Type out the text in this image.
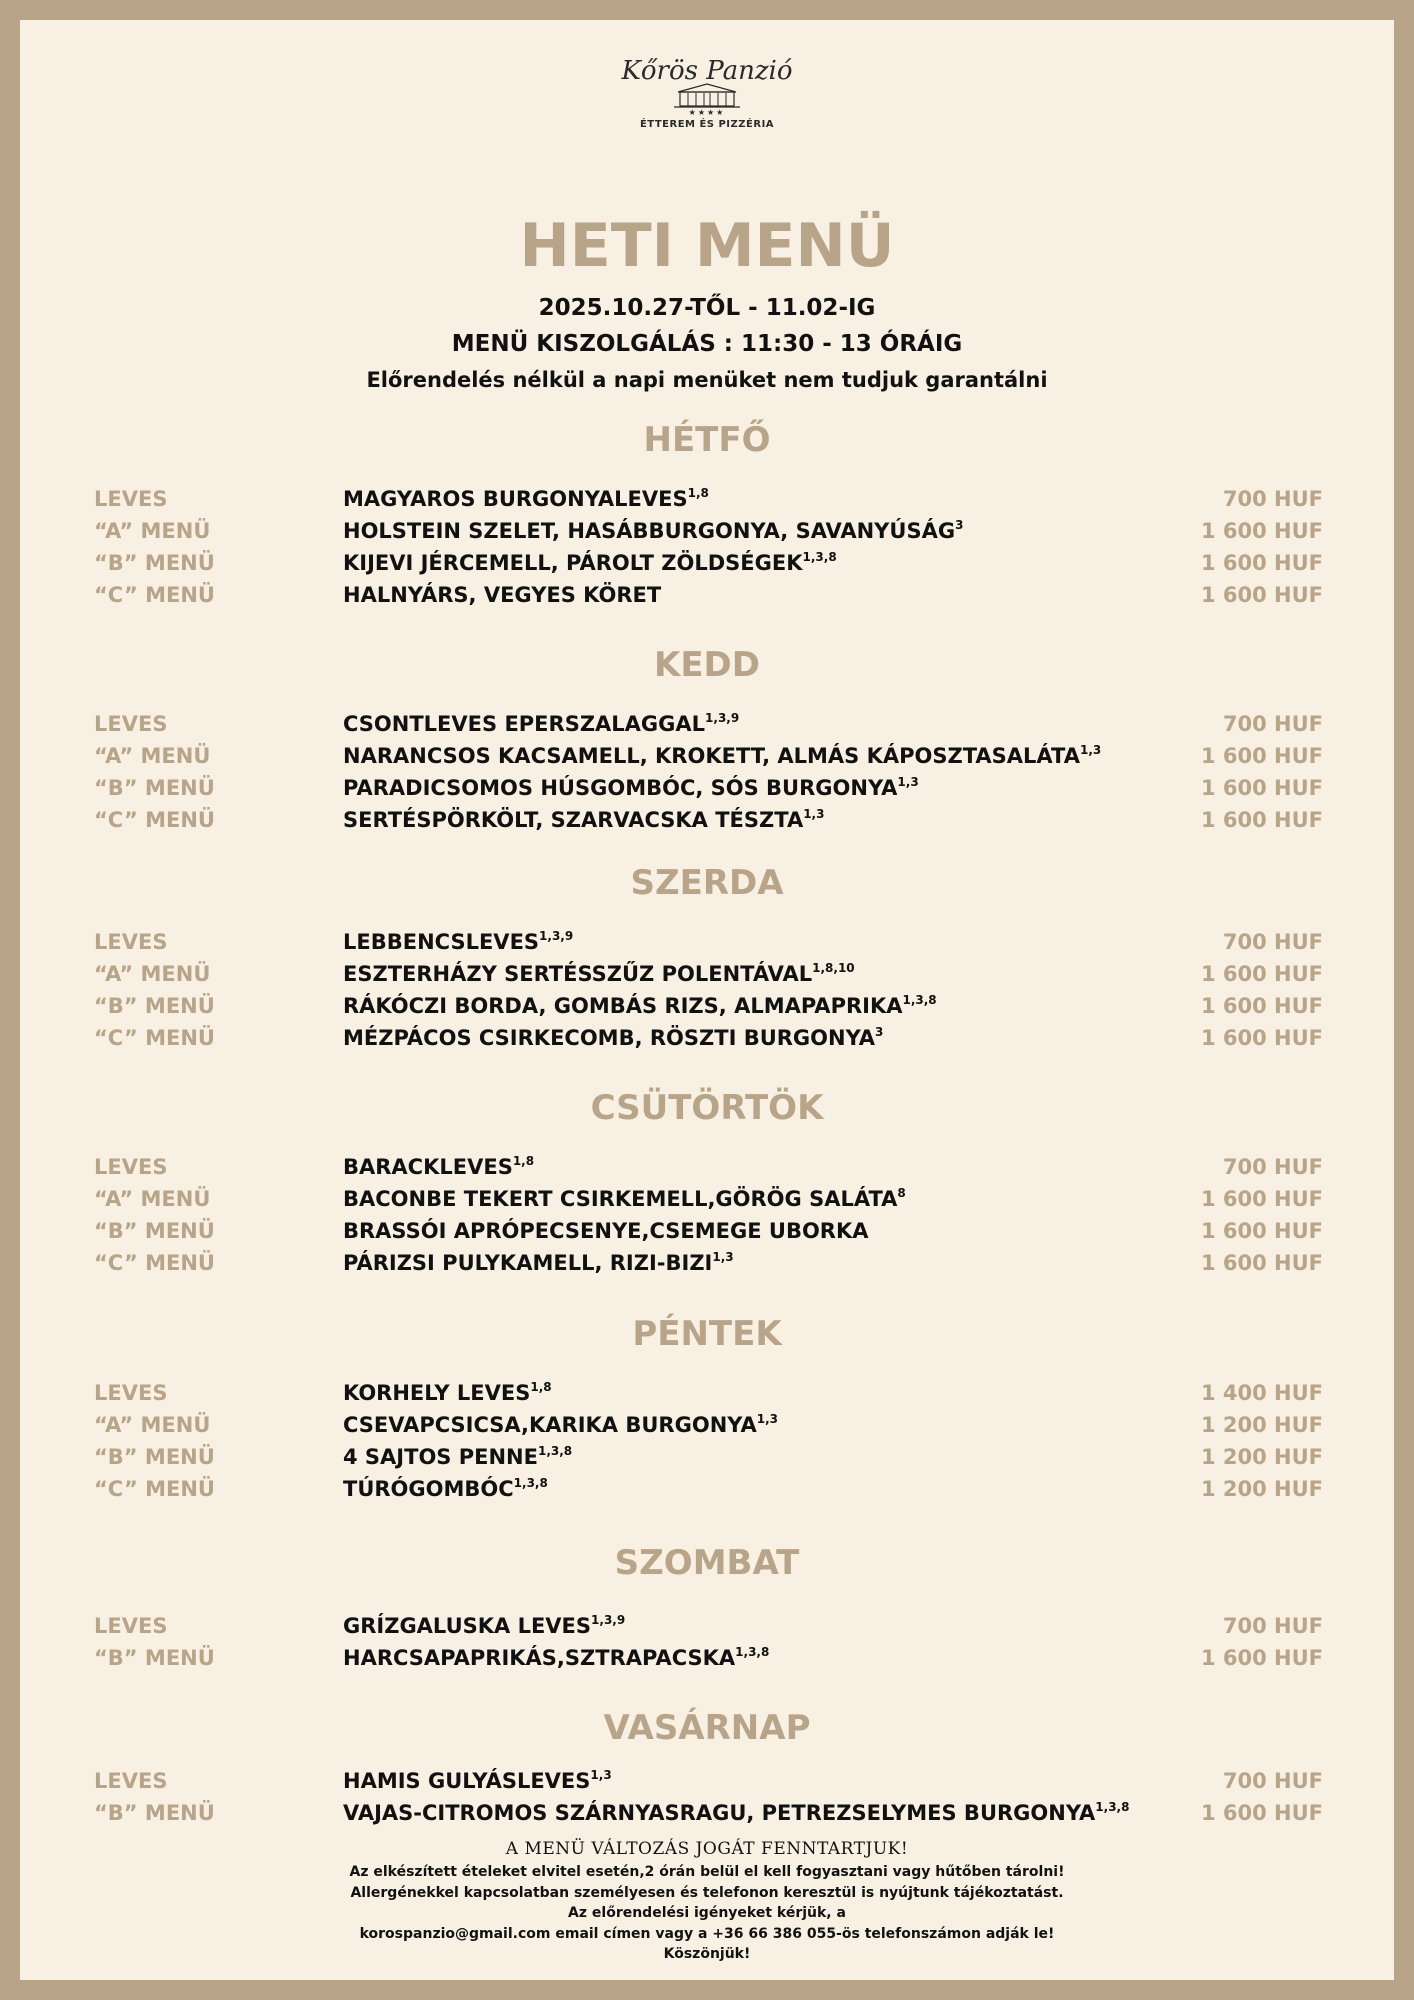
Kőrös Panzió
★★★★
ÉTTEREM ÉS PIZZÉRIA
HETI MENÜ
2025.10.27-TŐL - 11.02-IG
MENÜ KISZOLGÁLÁS : 11:30 - 13 ÓRÁIG
Előrendelés nélkül a napi menüket nem tudjuk garantálni
HÉTFŐ
LEVES	MAGYAROS BURGONYALEVES$^{1,8}$	700 HUF
“A” MENÜ	HOLSTEIN SZELET, HASÁBBURGONYA, SAVANYÚSÁG$^3$	1 600 HUF
“B” MENÜ	KIJEVI JÉRCEMELL, PÁROLT ZÖLDSÉGEK$^{1,3,8}$	1 600 HUF
“C” MENÜ	HALNYÁRS, VEGYES KÖRET	1 600 HUF
KEDD
LEVES	CSONTLEVES EPERSZALAGGAL$^{1,3,9}$	700 HUF
“A” MENÜ	NARANCSOS KACSAMELL, KROKETT, ALMÁS KÁPOSZTASALÁTA$^{1,3}$	1 600 HUF
“B” MENÜ	PARADICSOMOS HÚSGOMBÓC, SÓS BURGONYA$^{1,3}$	1 600 HUF
“C” MENÜ	SERTÉSPÖRKÖLT, SZARVACSKA TÉSZTA$^{1,3}$	1 600 HUF
SZERDA
LEVES	LEBBENCSLEVES$^{1,3,9}$	700 HUF
“A” MENÜ	ESZTERHÁZY SERTÉSSZŰZ POLENTÁVAL$^{1,8,10}$	1 600 HUF
“B” MENÜ	RÁKÓCZI BORDA, GOMBÁS RIZS, ALMAPAPRIKA$^{1,3,8}$	1 600 HUF
“C” MENÜ	MÉZPÁCOS CSIRKECOMB, RÖSZTI BURGONYA$^3$	1 600 HUF
CSÜTÖRTÖK
LEVES	BARACKLEVES$^{1,8}$	700 HUF
“A” MENÜ	BACONBE TEKERT CSIRKEMELL,GÖRÖG SALÁTA$^8$	1 600 HUF
“B” MENÜ	BRASSÓI APRÓPECSENYE,CSEMEGE UBORKA	1 600 HUF
“C” MENÜ	PÁRIZSI PULYKAMELL, RIZI-BIZI$^{1,3}$	1 600 HUF
PÉNTEK
LEVES	KORHELY LEVES$^{1,8}$	1 400 HUF
“A” MENÜ	CSEVAPCSICSA,KARIKA BURGONYA$^{1,3}$	1 200 HUF
“B” MENÜ	4 SAJTOS PENNE$^{1,3,8}$	1 200 HUF
“C” MENÜ	TÚRÓGOMBÓC$^{1,3,8}$	1 200 HUF
SZOMBAT
LEVES	GRÍZGALUSKA LEVES$^{1,3,9}$	700 HUF
“B” MENÜ	HARCSAPAPRIKÁS,SZTRAPACSKA$^{1,3,8}$	1 600 HUF
VASÁRNAP
LEVES	HAMIS GULYÁSLEVES$^{1,3}$	700 HUF
“B” MENÜ	VAJAS-CITROMOS SZÁRNYASRAGU, PETREZSELYMES BURGONYA$^{1,3,8}$	1 600 HUF
A MENÜ VÁLTOZÁS JOGÁT FENNTARTJUK!
Az elkészített ételeket elvitel esetén,2 órán belül el kell fogyasztani vagy hűtőben tárolni!
Allergénekkel kapcsolatban személyesen és telefonon keresztül is nyújtunk tájékoztatást.
Az előrendelési igényeket kérjük, a
korospanzio@gmail.com email címen vagy a +36 66 386 055-ös telefonszámon adják le!
Köszönjük!
